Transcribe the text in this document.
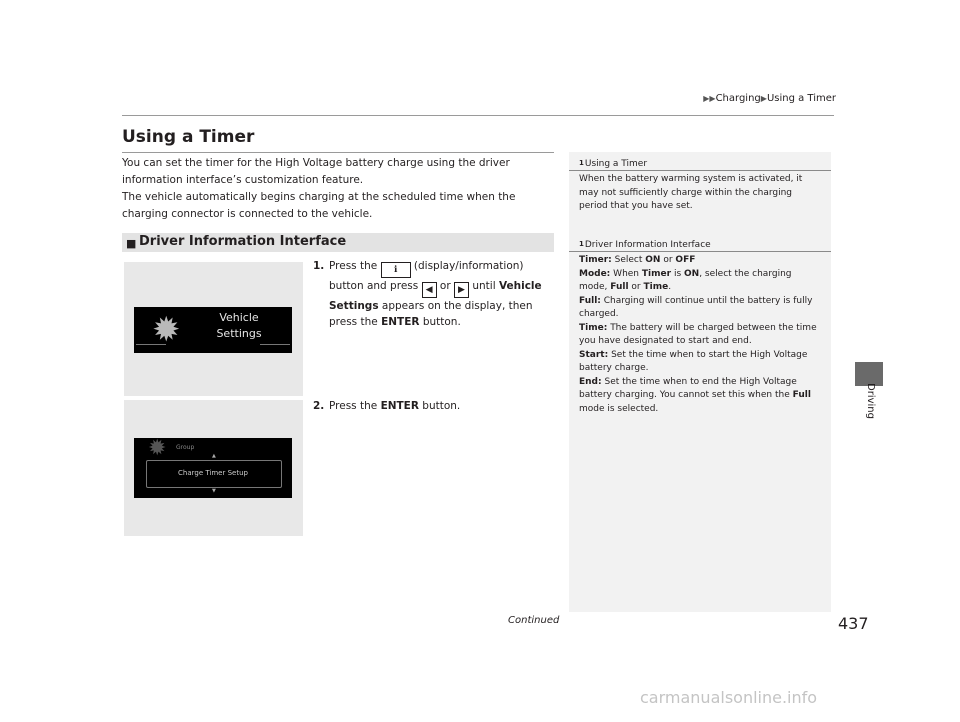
▶▶Charging▶Using a Timer
Driving
Using a Timer

You can set the timer for the High Voltage battery charge using the driver information interface’s customization feature.

The vehicle automatically begins charging at the scheduled time when the charging connector is connected to the vehicle.

■ Driver Information Interface
✹	Vehicle
Settings
✹ Group
▲
Charge Timer Setup
▼
1. Press the ℹ (display/information) button and press ◀ or ▶ until Vehicle Settings appears on the display, then press the ENTER button.
2. Press the ENTER button.
1Using a Timer

When the battery warming system is activated, it may not sufficiently charge within the charging period that you have set.

1Driver Information Interface

Timer: Select ON or OFF

Mode: When Timer is ON, select the charging mode, Full or Time.

Full: Charging will continue until the battery is fully charged.

Time: The battery will be charged between the time you have designated to start and end.

Start: Set the time when to start the High Voltage battery charge.

End: Set the time when to end the High Voltage battery charging. You cannot set this when the Full mode is selected.

Continued	437
carmanualsonline.info
